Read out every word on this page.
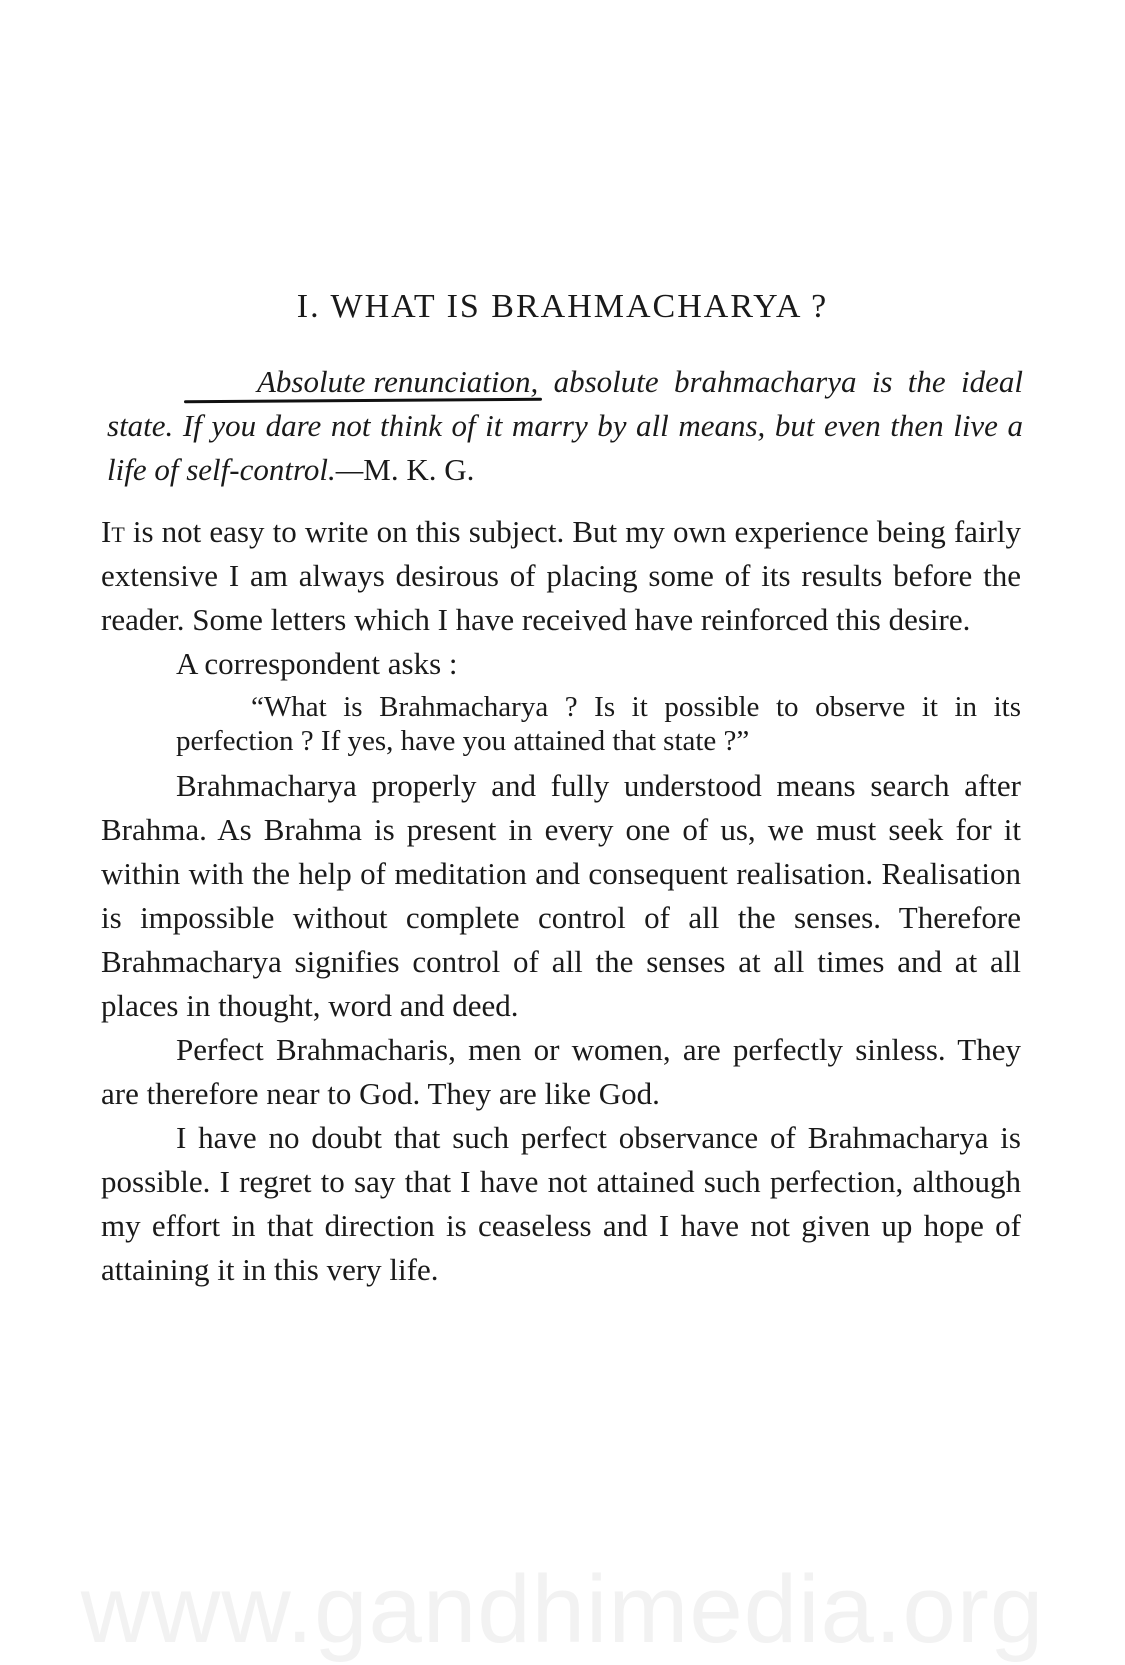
I. WHAT IS BRAHMACHARYA ?

Absolute renunciation, absolute brahmacharya is the ideal state. If you dare not think of it marry by all means, but even then live a life of self-control.—M. K. G.

It is not easy to write on this subject. But my own experience being fairly extensive I am always desirous of placing some of its results before the reader. Some letters which I have received have reinforced this desire.

A correspondent asks :

“What is Brahmacharya ? Is it possible to observe it in its perfection ? If yes, have you attained that state ?”

Brahmacharya properly and fully understood means search after Brahma. As Brahma is present in every one of us, we must seek for it within with the help of meditation and consequent realisation. Realisation is impossible without complete control of all the senses. Therefore Brahmacharya signifies control of all the senses at all times and at all places in thought, word and deed.

Perfect Brahmacharis, men or women, are perfectly sinless. They are therefore near to God. They are like God.

I have no doubt that such perfect observance of Brahmacharya is possible. I regret to say that I have not attained such perfection, although my effort in that direction is ceaseless and I have not given up hope of attaining it in this very life.

www.gandhimedia.org
